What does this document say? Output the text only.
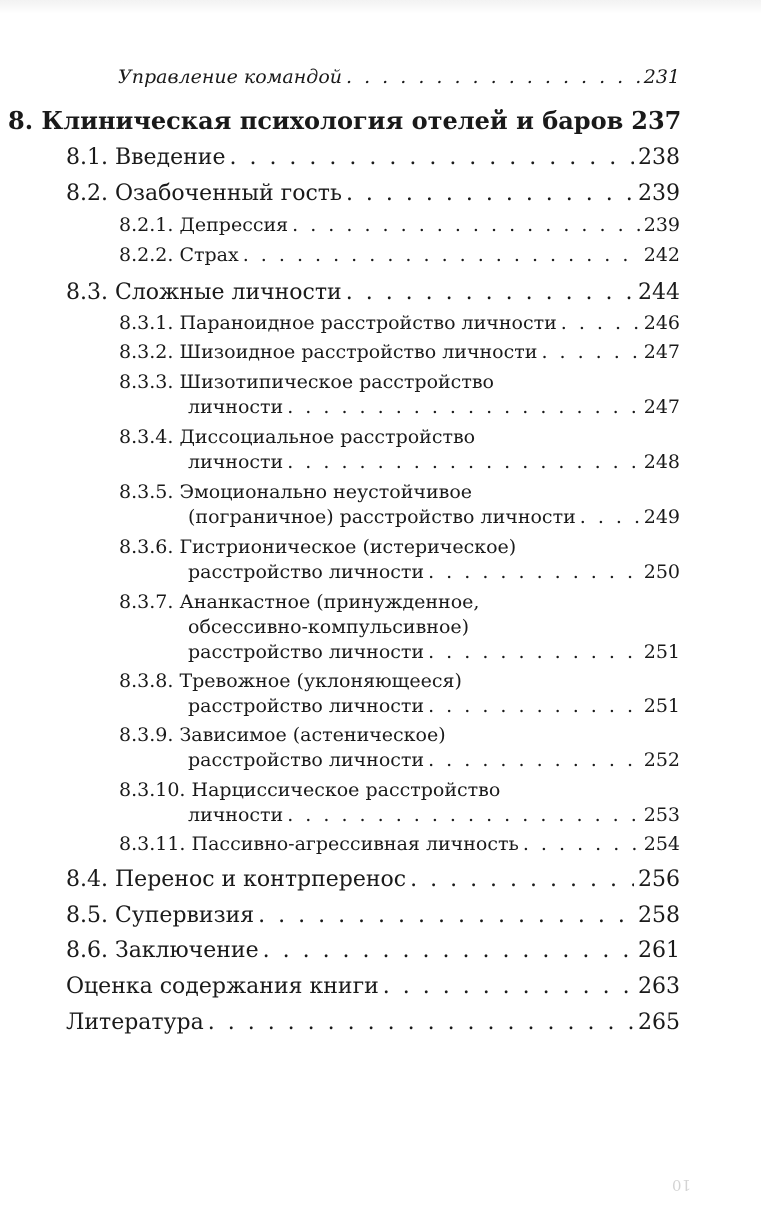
Управление командой . . .	231
8. Клиническая психология отелей и баров 237
8.1. Введение . . .	238
8.2. Озабоченный гость . . .	239
8.2.1. Депрессия . . .	239
8.2.2. Страх . . .	242
8.3. Сложные личности . . .	244
8.3.1. Параноидное расстройство личности . . .	246
8.3.2. Шизоидное расстройство личности . . .	247
8.3.3. Шизотипическое расстройство
личности . . .	247
8.3.4. Диссоциальное расстройство
личности . . .	248
8.3.5. Эмоционально неустойчивое
(пограничное) расстройство личности . . .	249
8.3.6. Гистрионическое (истерическое)
расстройство личности . . .	250
8.3.7. Ананкастное (принужденное,
обсессивно-компульсивное)
расстройство личности . . .	251
8.3.8. Тревожное (уклоняющееся)
расстройство личности . . .	251
8.3.9. Зависимое (астеническое)
расстройство личности . . .	252
8.3.10. Нарциссическое расстройство
личности . . .	253
8.3.11. Пассивно-агрессивная личность . . .	254
8.4. Перенос и контрперенос . . .	256
8.5. Супервизия . . .	258
8.6. Заключение . . .	261
Оценка содержания книги . . .	263
Литература . . .	265
10
